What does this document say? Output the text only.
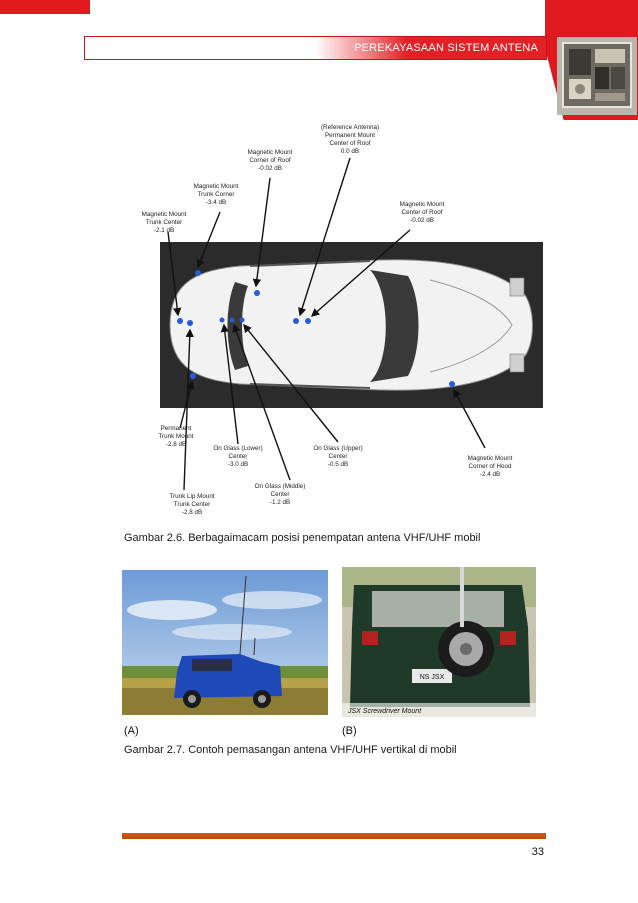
PEREKAYASAAN SISTEM ANTENA
(Reference Antenna)
Permanent Mount
Center of Roof
0.0 dB
Magnetic Mount
Corner of Roof
-0.02 dB
Magnetic Mount
Trunk Corner
-3.4 dB
Magnetic Mount
Trunk Center
-2.1 dB
Magnetic Mount
Center of Roof
-0.02 dB
Permanent
Trunk Mount
-2.8 dB
On Glass (Lower)
Center
-3.0 dB
On Glass (Upper)
Center
-0.5 dB
On Glass (Middle)
Center
-1.2 dB
Trunk Lip Mount
Trunk Center
-2.8 dB
Magnetic Mount
Corner of Hood
-2.4 dB
Gambar 2.6. Berbagaimacam posisi penempatan antena VHF/UHF mobil
(A)
NS JSX
JSX Screwdriver Mount
(B)
Gambar 2.7. Contoh pemasangan antena VHF/UHF vertikal di mobil
33
